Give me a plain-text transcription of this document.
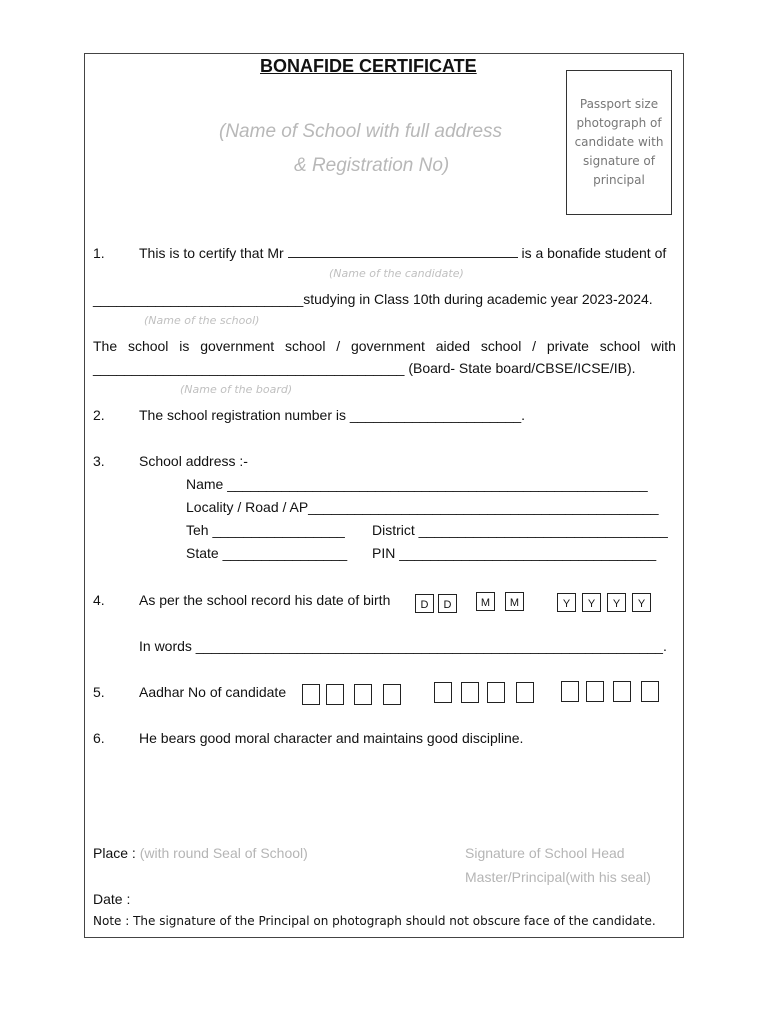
BONAFIDE CERTIFICATE
(Name of School with full address
& Registration No)
Passport size photograph of candidate with signature of principal
1. This is to certify that Mr	is a bonafide student of
(Name of the candidate)
___________________________studying in Class 10th during academic year 2023-2024.
(Name of the school)
The school is government school / government aided school / private school with
________________________________________ (Board- State board/CBSE/ICSE/IB).
(Name of the board)
2. The school registration number is ______________________.
3. School address :-
Name ______________________________________________________
Locality / Road / AP_____________________________________________
Teh _________________ District ________________________________
State ________________ PIN _________________________________
4. As per the school record his date of birth	D	D	M	M	Y	Y	Y	Y
In words ____________________________________________________________.
5. Aadhar No of candidate
6. He bears good moral character and maintains good discipline.
Place : (with round Seal of School)	Signature of School Head
Master/Principal(with his seal)
Date :
Note : The signature of the Principal on photograph should not obscure face of the candidate.
